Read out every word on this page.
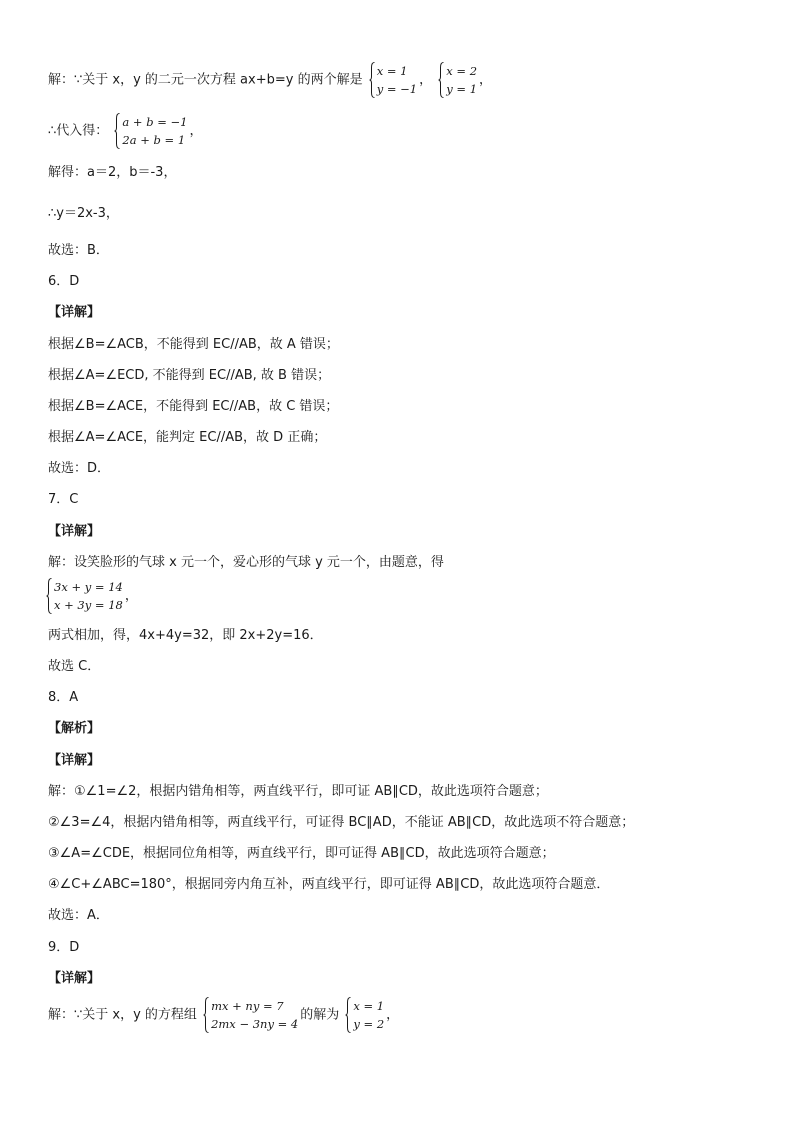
解：∵关于 x，y 的二元一次方程 ax+b=y 的两个解是
x = 1
y = −1
，
x = 2
y = 1
，
∴代入得：
a + b = −1
2a + b = 1
，
解得：a＝2，b＝-3，
∴y＝2x-3，
故选：B．
6．D
【详解】
根据∠B=∠ACB，不能得到 EC//AB，故 A 错误；
根据∠A=∠ECD, 不能得到 EC//AB, 故 B 错误；
根据∠B=∠ACE，不能得到 EC//AB，故 C 错误；
根据∠A=∠ACE，能判定 EC//AB，故 D 正确；
故选：D．
7．C
【详解】
解：设笑脸形的气球 x 元一个，爱心形的气球 y 元一个，由题意，得
3x + y = 14
x + 3y = 18
，
两式相加，得，4x+4y=32，即 2x+2y=16．
故选 C．
8．A
【解析】
【详解】
解：①∠1=∠2，根据内错角相等，两直线平行，即可证 AB∥CD，故此选项符合题意；
②∠3=∠4，根据内错角相等，两直线平行，可证得 BC∥AD，不能证 AB∥CD，故此选项不符合题意；
③∠A=∠CDE，根据同位角相等，两直线平行，即可证得 AB∥CD，故此选项符合题意；
④∠C+∠ABC=180°，根据同旁内角互补，两直线平行，即可证得 AB∥CD，故此选项符合题意．
故选：A．
9．D
【详解】
解：∵关于 x，y 的方程组
mx + ny = 7
2mx − 3ny = 4
的解为
x = 1
y = 2
，
